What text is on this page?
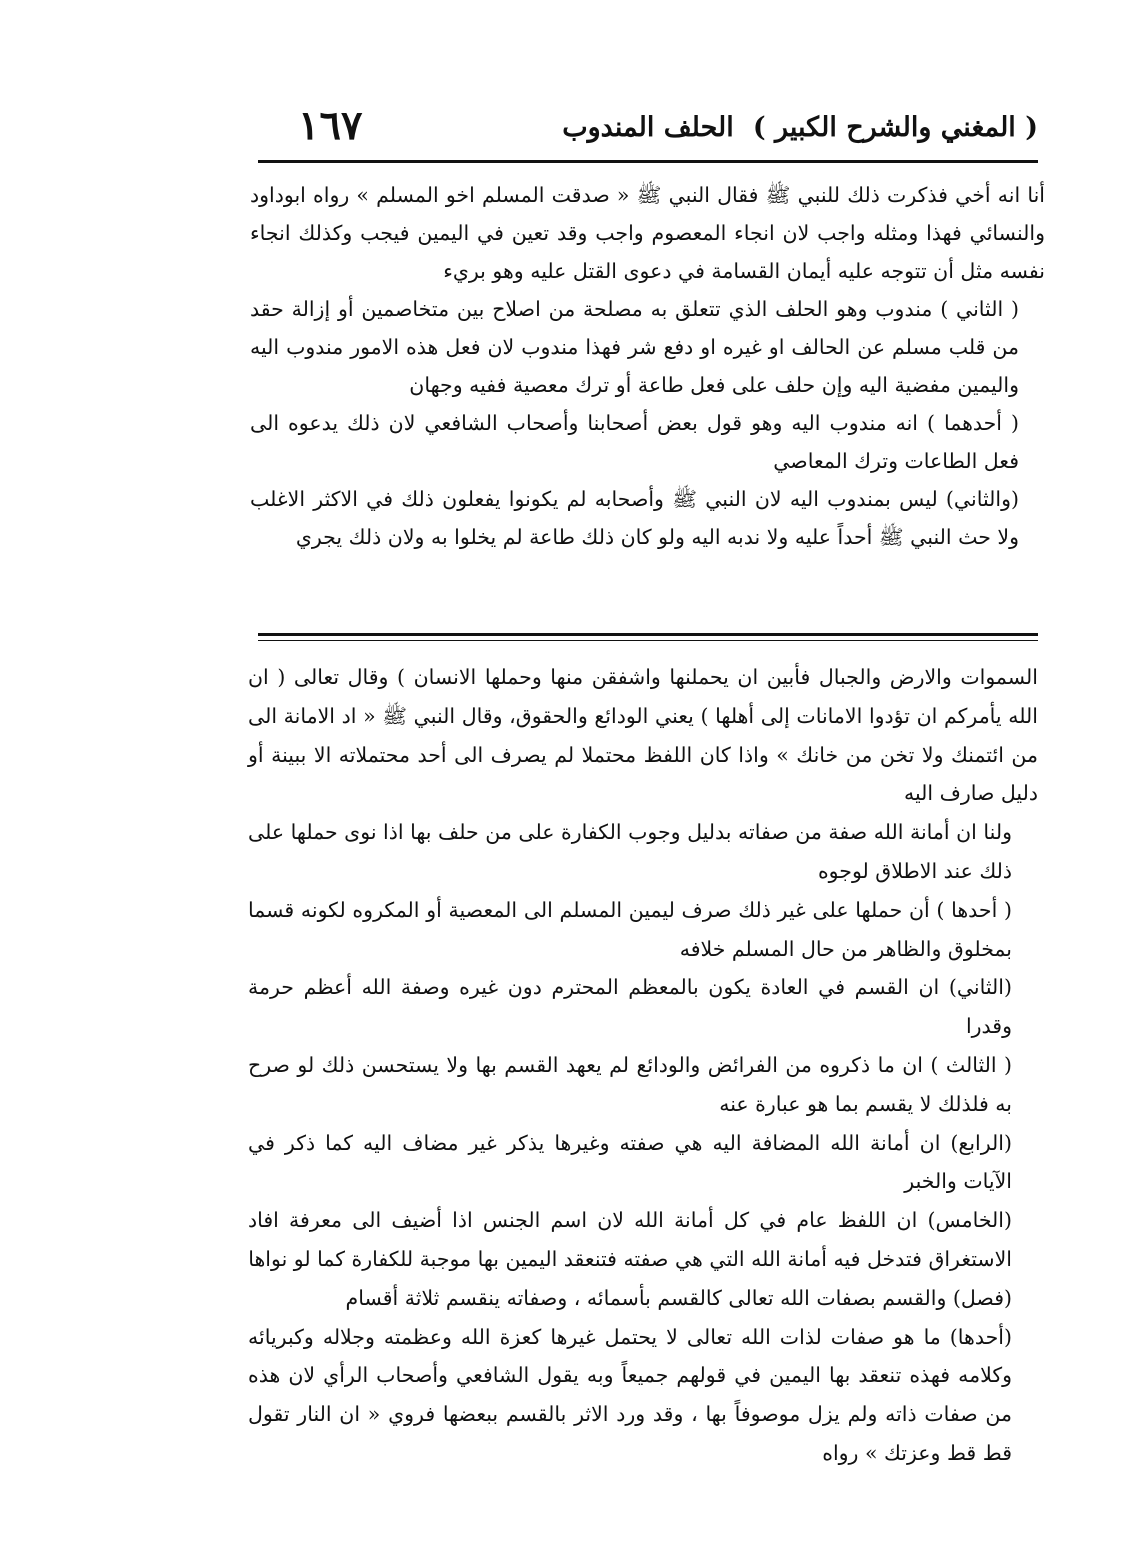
( المغني والشرح الكبير )
الحلف المندوب
١٦٧

أنا انه أخي فذكرت ذلك للنبي ﷺ فقال النبي ﷺ « صدقت المسلم اخو المسلم » رواه ابوداود والنسائي فهذا ومثله واجب لان انجاء المعصوم واجب وقد تعين في اليمين فيجب وكذلك انجاء نفسه مثل أن تتوجه عليه أيمان القسامة في دعوى القتل عليه وهو بريء

( الثاني ) مندوب وهو الحلف الذي تتعلق به مصلحة من اصلاح بين متخاصمين أو إزالة حقد من قلب مسلم عن الحالف او غيره او دفع شر فهذا مندوب لان فعل هذه الامور مندوب اليه واليمين مفضية اليه وإن حلف على فعل طاعة أو ترك معصية ففيه وجهان

( أحدهما ) انه مندوب اليه وهو قول بعض أصحابنا وأصحاب الشافعي لان ذلك يدعوه الى فعل الطاعات وترك المعاصي

(والثاني) ليس بمندوب اليه لان النبي ﷺ وأصحابه لم يكونوا يفعلون ذلك في الاكثر الاغلب ولا حث النبي ﷺ أحداً عليه ولا ندبه اليه ولو كان ذلك طاعة لم يخلوا به ولان ذلك يجري

السموات والارض والجبال فأبين ان يحملنها واشفقن منها وحملها الانسان ) وقال تعالى ( ان الله يأمركم ان تؤدوا الامانات إلى أهلها ) يعني الودائع والحقوق، وقال النبي ﷺ « اد الامانة الى من ائتمنك ولا تخن من خانك » واذا كان اللفظ محتملا لم يصرف الى أحد محتملاته الا ببينة أو دليل صارف اليه

ولنا ان أمانة الله صفة من صفاته بدليل وجوب الكفارة على من حلف بها اذا نوى حملها على ذلك عند الاطلاق لوجوه

( أحدها ) أن حملها على غير ذلك صرف ليمين المسلم الى المعصية أو المكروه لكونه قسما بمخلوق والظاهر من حال المسلم خلافه

(الثاني) ان القسم في العادة يكون بالمعظم المحترم دون غيره وصفة الله أعظم حرمة وقدرا

( الثالث ) ان ما ذكروه من الفرائض والودائع لم يعهد القسم بها ولا يستحسن ذلك لو صرح به فلذلك لا يقسم بما هو عبارة عنه

(الرابع) ان أمانة الله المضافة اليه هي صفته وغيرها يذكر غير مضاف اليه كما ذكر في الآيات والخبر

(الخامس) ان اللفظ عام في كل أمانة الله لان اسم الجنس اذا أضيف الى معرفة افاد الاستغراق فتدخل فيه أمانة الله التي هي صفته فتنعقد اليمين بها موجبة للكفارة كما لو نواها

(فصل) والقسم بصفات الله تعالى كالقسم بأسمائه ، وصفاته ينقسم ثلاثة أقسام

(أحدها) ما هو صفات لذات الله تعالى لا يحتمل غيرها كعزة الله وعظمته وجلاله وكبريائه وكلامه فهذه تنعقد بها اليمين في قولهم جميعاً وبه يقول الشافعي وأصحاب الرأي لان هذه من صفات ذاته ولم يزل موصوفاً بها ، وقد ورد الاثر بالقسم ببعضها فروي « ان النار تقول قط قط وعزتك » رواه
